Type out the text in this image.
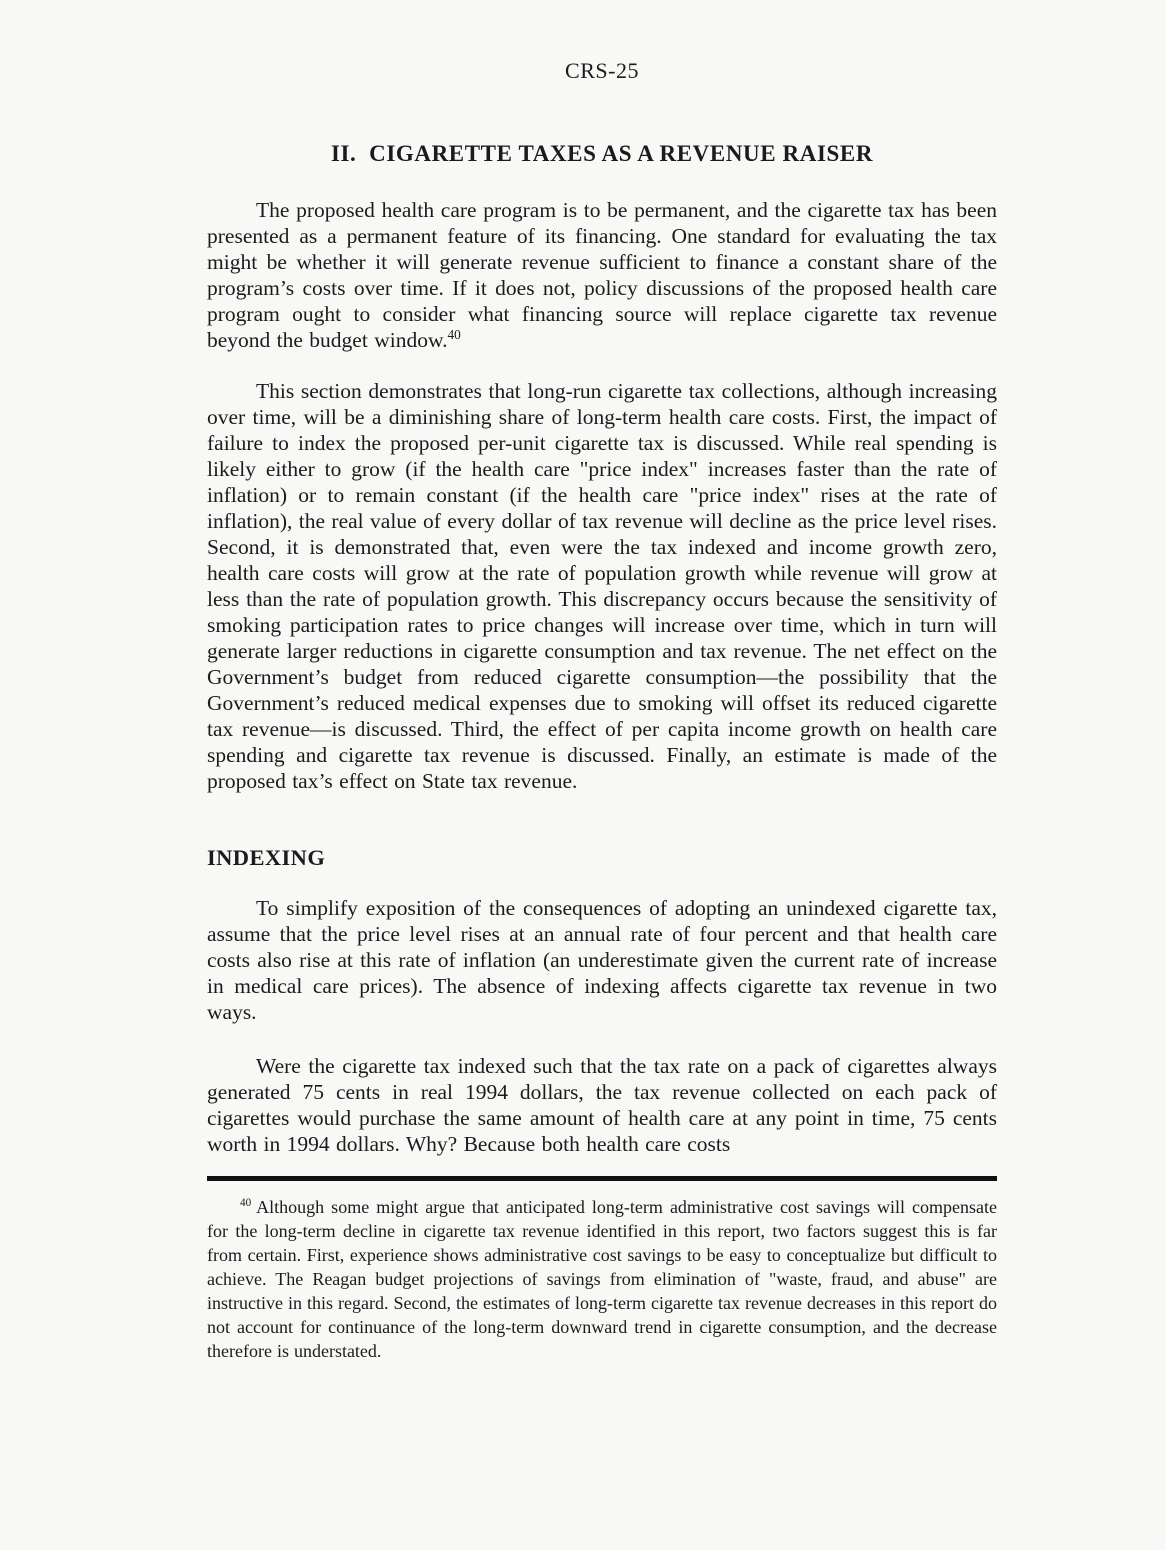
CRS-25
II.  CIGARETTE TAXES AS A REVENUE RAISER

The proposed health care program is to be permanent, and the cigarette tax has been presented as a permanent feature of its financing. One standard for evaluating the tax might be whether it will generate revenue sufficient to finance a constant share of the program’s costs over time. If it does not, policy discussions of the proposed health care program ought to consider what financing source will replace cigarette tax revenue beyond the budget window.$^{40}$

This section demonstrates that long-run cigarette tax collections, although increasing over time, will be a diminishing share of long-term health care costs. First, the impact of failure to index the proposed per-unit cigarette tax is discussed. While real spending is likely either to grow (if the health care "price index" increases faster than the rate of inflation) or to remain constant (if the health care "price index" rises at the rate of inflation), the real value of every dollar of tax revenue will decline as the price level rises. Second, it is demonstrated that, even were the tax indexed and income growth zero, health care costs will grow at the rate of population growth while revenue will grow at less than the rate of population growth. This discrepancy occurs because the sensitivity of smoking participation rates to price changes will increase over time, which in turn will generate larger reductions in cigarette consumption and tax revenue. The net effect on the Government’s budget from reduced cigarette consumption—the possibility that the Government’s reduced medical expenses due to smoking will offset its reduced cigarette tax revenue—is discussed. Third, the effect of per capita income growth on health care spending and cigarette tax revenue is discussed. Finally, an estimate is made of the proposed tax’s effect on State tax revenue.

INDEXING

To simplify exposition of the consequences of adopting an unindexed cigarette tax, assume that the price level rises at an annual rate of four percent and that health care costs also rise at this rate of inflation (an underestimate given the current rate of increase in medical care prices). The absence of indexing affects cigarette tax revenue in two ways.

Were the cigarette tax indexed such that the tax rate on a pack of cigarettes always generated 75 cents in real 1994 dollars, the tax revenue collected on each pack of cigarettes would purchase the same amount of health care at any point in time, 75 cents worth in 1994 dollars. Why? Because both health care costs

$^{40}$ Although some might argue that anticipated long-term administrative cost savings will compensate for the long-term decline in cigarette tax revenue identified in this report, two factors suggest this is far from certain. First, experience shows administrative cost savings to be easy to conceptualize but difficult to achieve. The Reagan budget projections of savings from elimination of "waste, fraud, and abuse" are instructive in this regard. Second, the estimates of long-term cigarette tax revenue decreases in this report do not account for continuance of the long-term downward trend in cigarette consumption, and the decrease therefore is understated.
